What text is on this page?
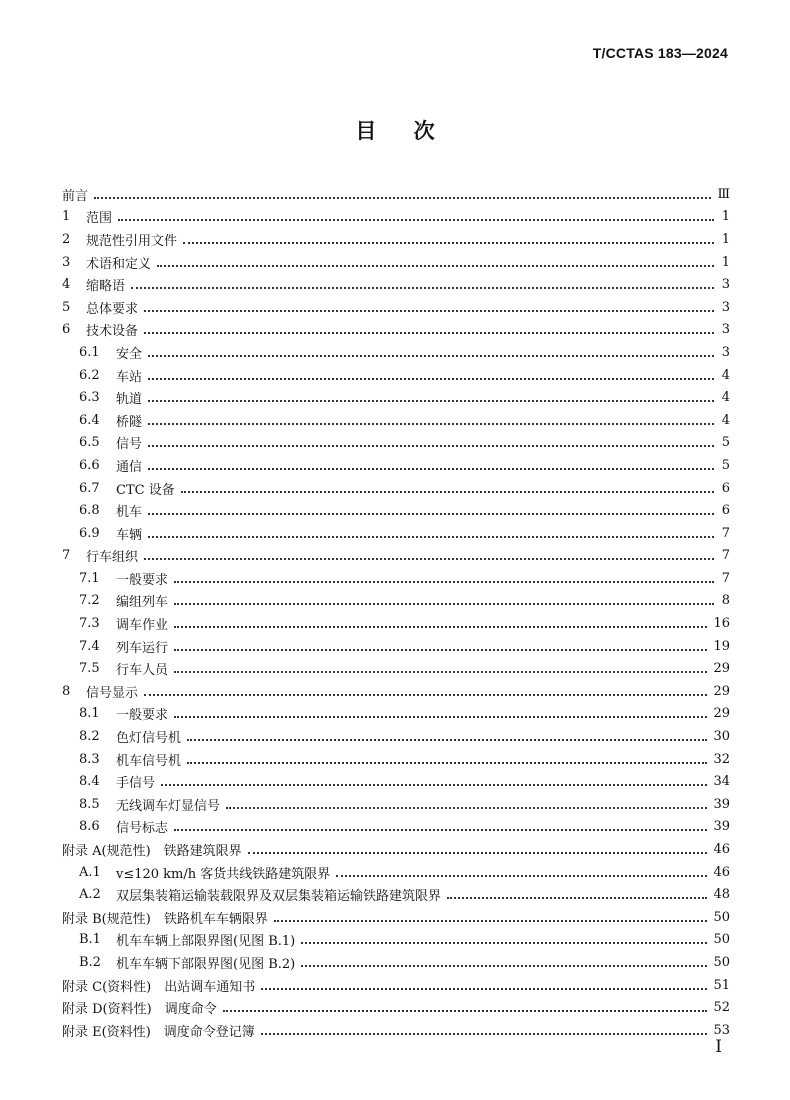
T/CCTAS 183—2024
目 次
前言	Ⅲ
1	范围	1
2	规范性引用文件	1
3	术语和定义	1
4	缩略语	3
5	总体要求	3
6	技术设备	3
6.1	安全	3
6.2	车站	4
6.3	轨道	4
6.4	桥隧	4
6.5	信号	5
6.6	通信	5
6.7	CTC 设备	6
6.8	机车	6
6.9	车辆	7
7	行车组织	7
7.1	一般要求	7
7.2	编组列车	8
7.3	调车作业	16
7.4	列车运行	19
7.5	行车人员	29
8	信号显示	29
8.1	一般要求	29
8.2	色灯信号机	30
8.3	机车信号机	32
8.4	手信号	34
8.5	无线调车灯显信号	39
8.6	信号标志	39
附录 A(规范性)　铁路建筑限界	46
A.1	v≤120 km/h 客货共线铁路建筑限界	46
A.2	双层集装箱运输装载限界及双层集装箱运输铁路建筑限界	48
附录 B(规范性)　铁路机车车辆限界	50
B.1	机车车辆上部限界图(见图 B.1)	50
B.2	机车车辆下部限界图(见图 B.2)	50
附录 C(资料性)　出站调车通知书	51
附录 D(资料性)　调度命令	52
附录 E(资料性)　调度命令登记簿	53
I
